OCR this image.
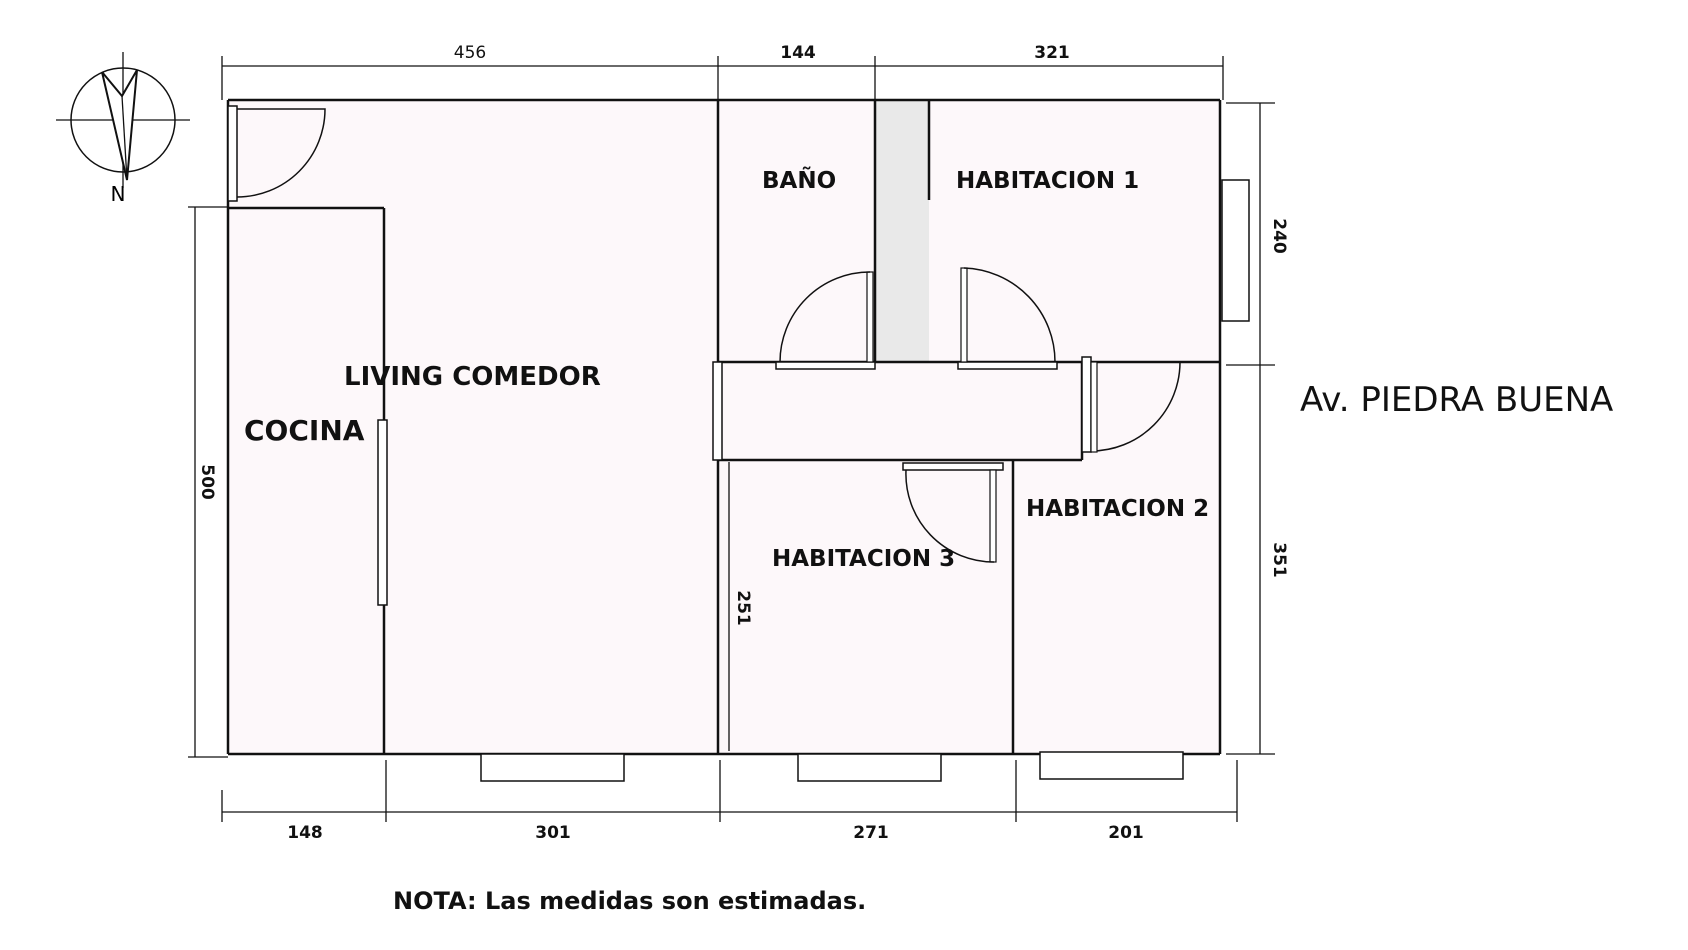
N
COCINA
LIVING COMEDOR
BAÑO	HABITACION 1
HABITACION 2
HABITACION 3
456	144	321
240
351
500
251
148	301	271	201
Av. PIEDRA BUENA
NOTA: Las medidas son estimadas.
